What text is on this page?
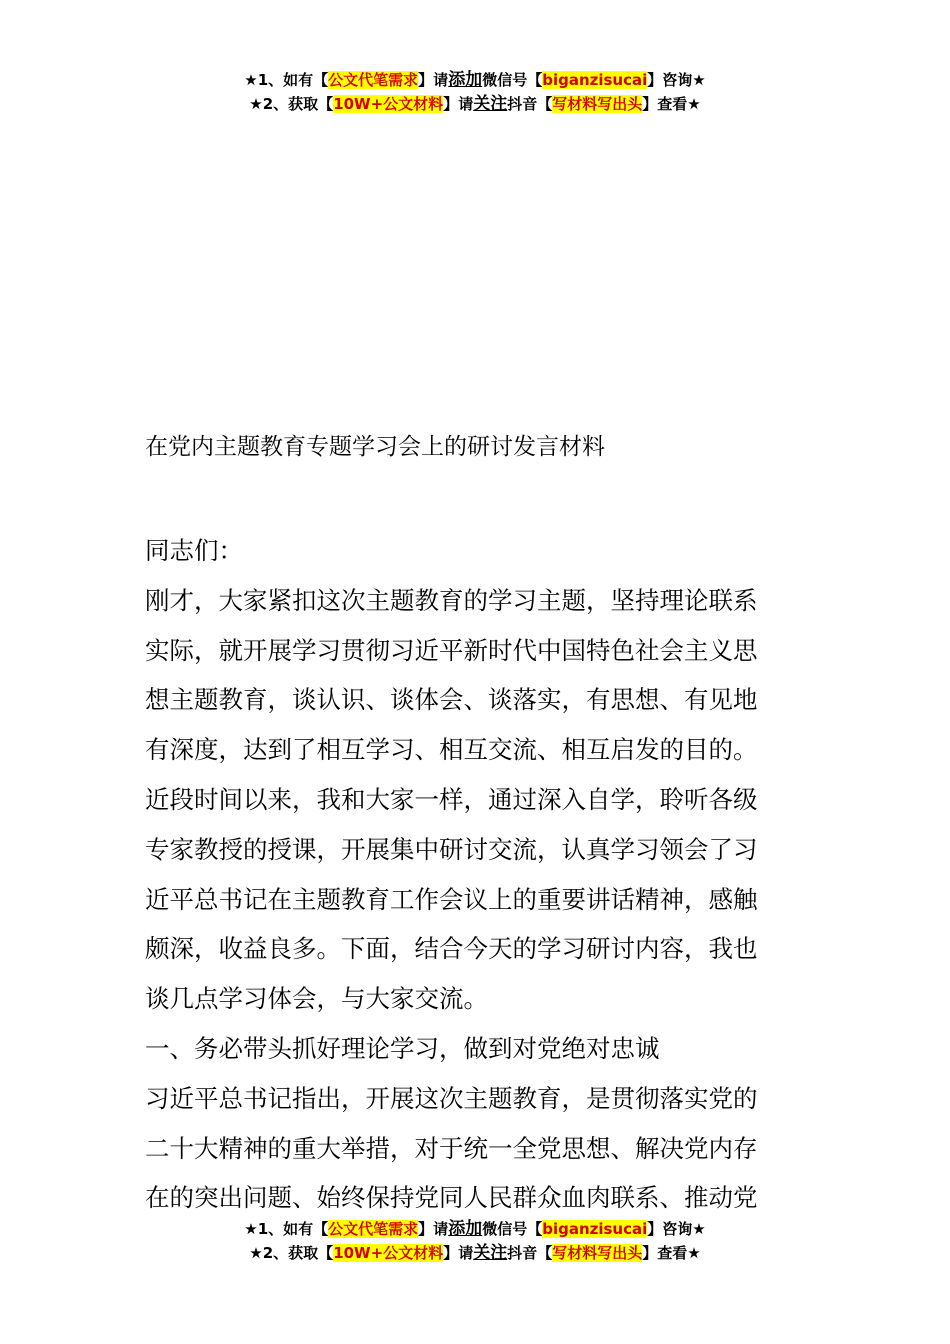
★1、如有【公文代笔需求】请添加微信号【biganzisucai】咨询★
★2、获取【10W+公文材料】请关注抖音【写材料写出头】查看★
在党内主题教育专题学习会上的研讨发言材料
同志们：
刚才，大家紧扣这次主题教育的学习主题，坚持理论联系
实际，就开展学习贯彻习近平新时代中国特色社会主义思
想主题教育，谈认识、谈体会、谈落实，有思想、有见地
有深度，达到了相互学习、相互交流、相互启发的目的。
近段时间以来，我和大家一样，通过深入自学，聆听各级
专家教授的授课，开展集中研讨交流，认真学习领会了习
近平总书记在主题教育工作会议上的重要讲话精神，感触
颇深，收益良多。下面，结合今天的学习研讨内容，我也
谈几点学习体会，与大家交流。
一、务必带头抓好理论学习，做到对党绝对忠诚
习近平总书记指出，开展这次主题教育，是贯彻落实党的
二十大精神的重大举措，对于统一全党思想、解决党内存
在的突出问题、始终保持党同人民群众血肉联系、推动党
★1、如有【公文代笔需求】请添加微信号【biganzisucai】咨询★
★2、获取【10W+公文材料】请关注抖音【写材料写出头】查看★
